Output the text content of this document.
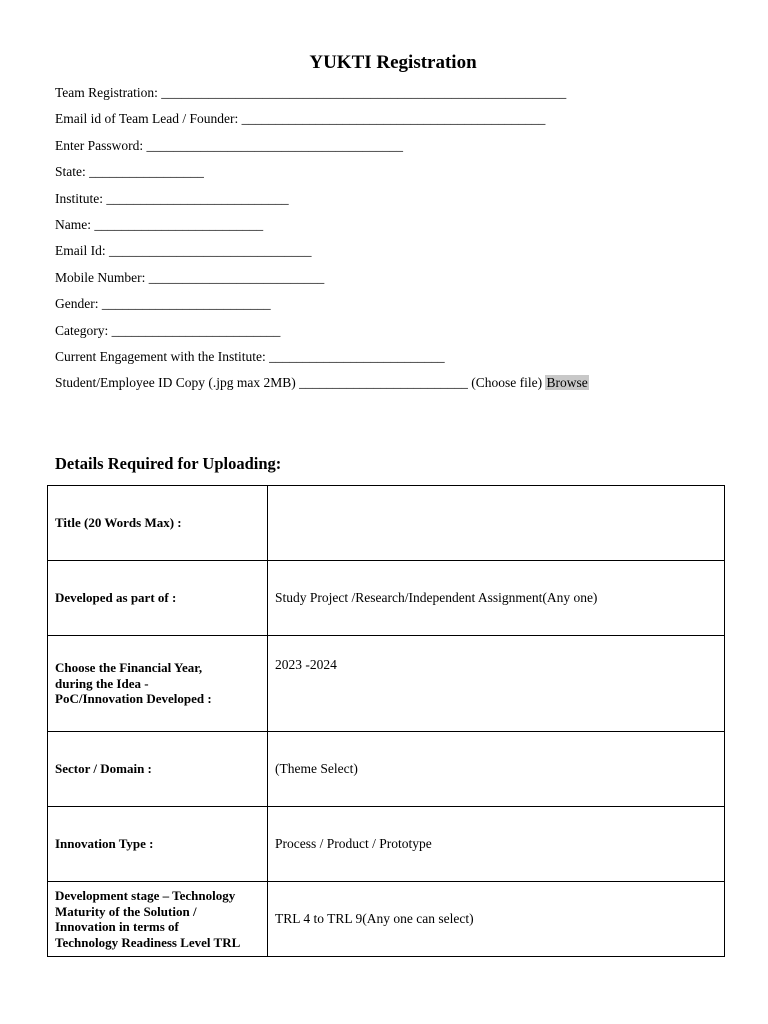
YUKTI Registration
Team Registration: ____________________________________________________________
Email id of Team Lead / Founder: _____________________________________________
Enter Password: ______________________________________
State: _________________
Institute: ___________________________
Name: _________________________
Email Id: ______________________________
Mobile Number: __________________________
Gender: _________________________
Category: _________________________
Current Engagement with the Institute: __________________________
Student/Employee ID Copy (.jpg max 2MB) _________________________ (Choose file) Browse
Details Required for Uploading:
Title (20 Words Max) :	
Developed as part of :	Study Project /Research/Independent Assignment(Any one)

Choose the Financial Year,
during the Idea -
PoC/Innovation Developed :	2023 -2024
Sector / Domain :	(Theme Select)
Innovation Type :	Process / Product / Prototype

Development stage – Technology
Maturity of the Solution /
Innovation in terms of
Technology Readiness Level TRL	TRL 4 to TRL 9(Any one can select)
